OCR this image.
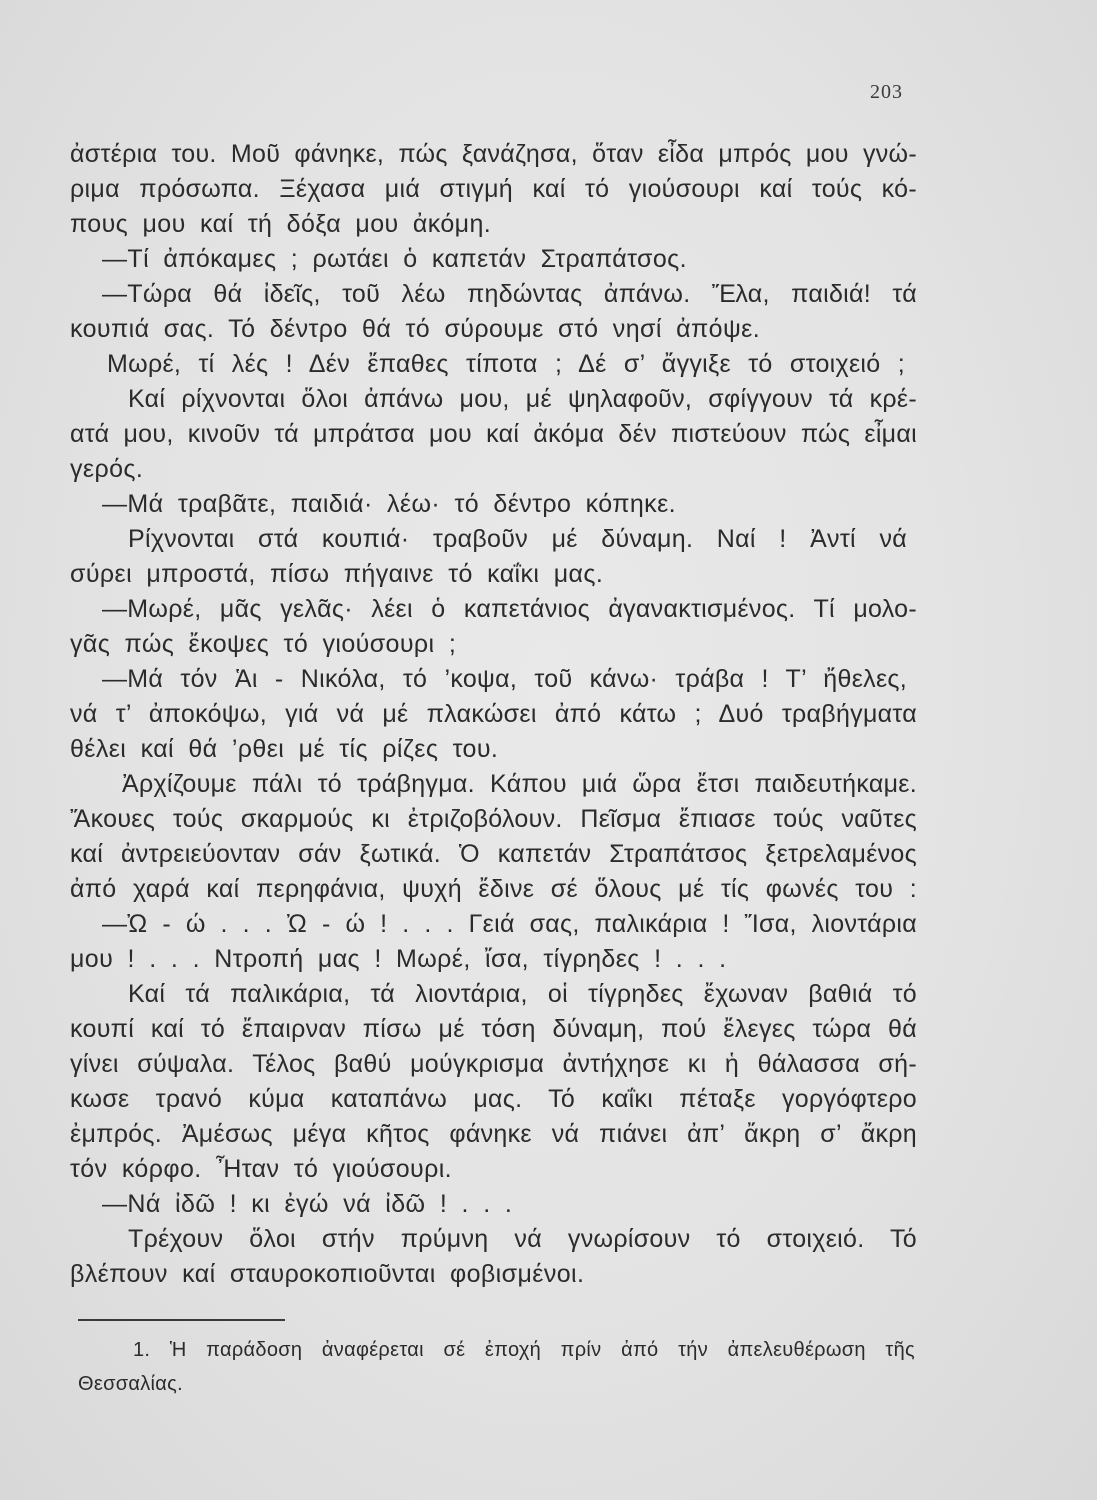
203
ἀστέρια του. Μοῦ φάνηκε, πώς ξανάζησα, ὅταν εἶδα μπρός μου γνώ-
ριμα πρόσωπα. Ξέχασα μιά στιγμή καί τό γιούσουρι καί τούς κό-
πους μου καί τή δόξα μου ἀκόμη.
—Τί ἀπόκαμες ; ρωτάει ὁ καπετάν Στραπάτσος.
—Τώρα θά ἰδεῖς, τοῦ λέω πηδώντας ἀπάνω. Ἔλα, παιδιά! τά
κουπιά σας. Τό δέντρο θά τό σύρουμε στό νησί ἀπόψε.
Μωρέ, τί λές ! Δέν ἔπαθες τίποτα ; Δέ σ’ ἄγγιξε τό στοιχειό ;
Καί ρίχνονται ὅλοι ἀπάνω μου, μέ ψηλαφοῦν, σφίγγουν τά κρέ-
ατά μου, κινοῦν τά μπράτσα μου καί ἀκόμα δέν πιστεύουν πώς εἶμαι
γερός.
—Μά τραβᾶτε, παιδιά· λέω· τό δέντρο κόπηκε.
Ρίχνονται στά κουπιά· τραβοῦν μέ δύναμη. Ναί ! Ἀντί νά
σύρει μπροστά, πίσω πήγαινε τό καΐκι μας.
—Μωρέ, μᾶς γελᾶς· λέει ὁ καπετάνιος ἀγανακτισμένος. Τί μολο-
γᾶς πώς ἔκοψες τό γιούσουρι ;
—Μά τόν Ἁι - Νικόλα, τό ’κοψα, τοῦ κάνω· τράβα ! Τ’ ἤθελες,
νά τ’ ἀποκόψω, γιά νά μέ πλακώσει ἀπό κάτω ; Δυό τραβήγματα
θέλει καί θά ’ρθει μέ τίς ρίζες του.
Ἀρχίζουμε πάλι τό τράβηγμα. Κάπου μιά ὥρα ἔτσι παιδευτήκαμε.
Ἄκουες τούς σκαρμούς κι ἐτριζοβόλουν. Πεῖσμα ἔπιασε τούς ναῦτες
καί ἀντρειεύονταν σάν ξωτικά. Ὁ καπετάν Στραπάτσος ξετρελαμένος
ἀπό χαρά καί περηφάνια, ψυχή ἔδινε σέ ὅλους μέ τίς φωνές του :
—Ὠ - ώ . . . Ὠ - ώ ! . . . Γειά σας, παλικάρια ! Ἴσα, λιοντάρια
μου ! . . . Ντροπή μας ! Μωρέ, ἴσα, τίγρηδες ! . . .
Καί τά παλικάρια, τά λιοντάρια, οἱ τίγρηδες ἔχωναν βαθιά τό
κουπί καί τό ἔπαιρναν πίσω μέ τόση δύναμη, πού ἔλεγες τώρα θά
γίνει σύψαλα. Τέλος βαθύ μούγκρισμα ἀντήχησε κι ἡ θάλασσα σή-
κωσε τρανό κύμα καταπάνω μας. Τό καΐκι πέταξε γοργόφτερο
ἐμπρός. Ἀμέσως μέγα κῆτος φάνηκε νά πιάνει ἀπ’ ἄκρη σ’ ἄκρη
τόν κόρφο. Ἦταν τό γιούσουρι.
—Νά ἰδῶ ! κι ἐγώ νά ἰδῶ ! . . .
Τρέχουν ὅλοι στήν πρύμνη νά γνωρίσουν τό στοιχειό. Τό
βλέπουν καί σταυροκοπιοῦνται φοβισμένοι.
1. Ἡ παράδοση ἀναφέρεται σέ ἐποχή πρίν ἀπό τήν ἀπελευθέρωση τῆς
Θεσσαλίας.
